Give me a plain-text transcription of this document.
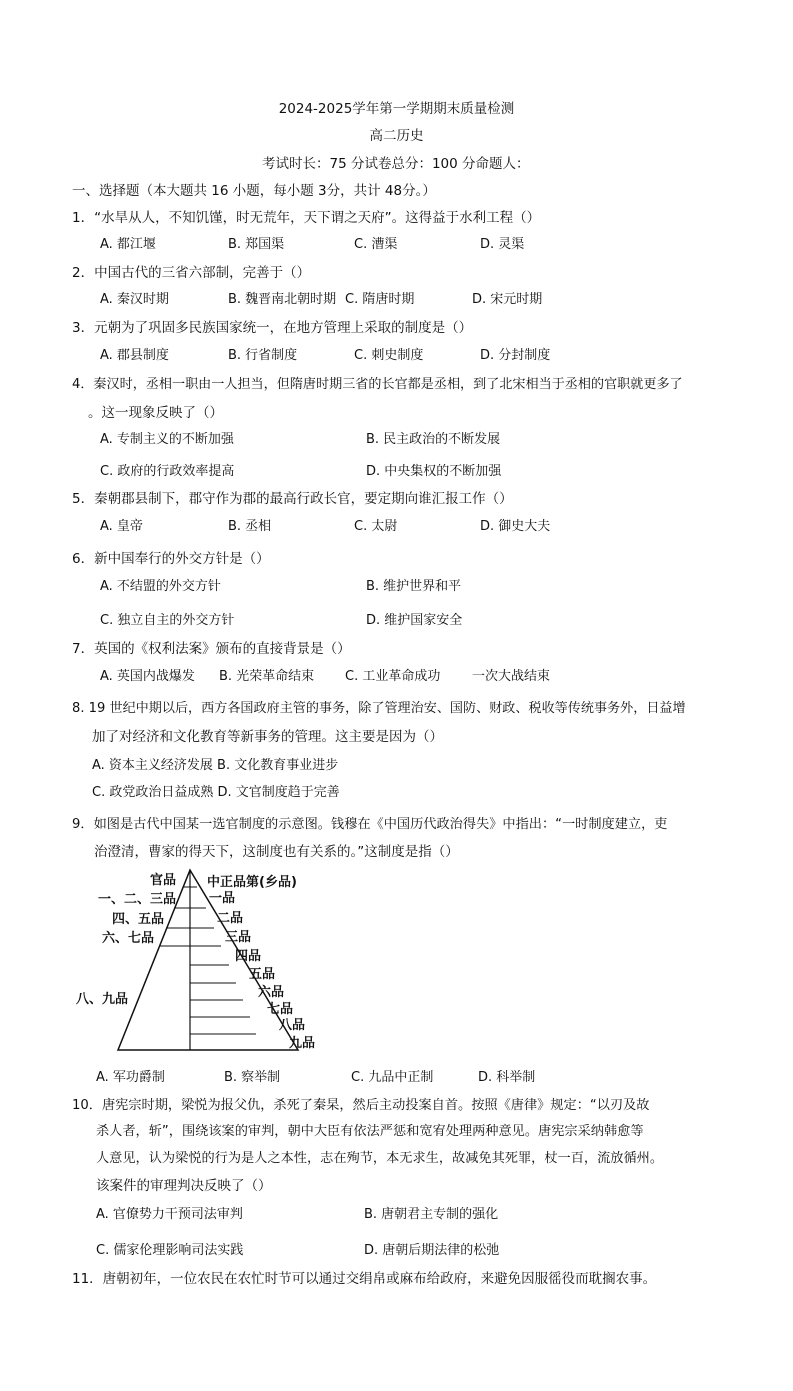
2024-2025学年第一学期期末质量检测
高二历史
考试时长：75 分试卷总分：100 分命题人：
一、选择题（本大题共 16 小题，每小题 3分，共计 48分。）
1．“水旱从人，不知饥馑，时无荒年，天下谓之天府”。这得益于水利工程（）
A. 都江堰	B. 郑国渠	C. 漕渠	D. 灵渠
2．中国古代的三省六部制，完善于（）
A. 秦汉时期	B. 魏晋南北朝时期 C. 隋唐时期	D. 宋元时期
3．元朝为了巩固多民族国家统一，在地方管理上采取的制度是（）
A. 郡县制度	B. 行省制度	C. 刺史制度	D. 分封制度
4．秦汉时，丞相一职由一人担当，但隋唐时期三省的长官都是丞相，到了北宋相当于丞相的官职就更多了
。这一现象反映了（）
A. 专制主义的不断加强	B. 民主政治的不断发展
C. 政府的行政效率提高	D. 中央集权的不断加强
5．秦朝郡县制下，郡守作为郡的最高行政长官，要定期向谁汇报工作（）
A. 皇帝	B. 丞相	C. 太尉	D. 御史大夫
6．新中国奉行的外交方针是（）
A. 不结盟的外交方针	B. 维护世界和平
C. 独立自主的外交方针	D. 维护国家安全
7．英国的《权利法案》颁布的直接背景是（）
A. 英国内战爆发 B. 光荣革命结束 C. 工业革命成功 一次大战结束
8. 19 世纪中期以后，西方各国政府主管的事务，除了管理治安、国防、财政、税收等传统事务外，日益增
加了对经济和文化教育等新事务的管理。这主要是因为（）
A. 资本主义经济发展 B. 文化教育事业进步
C. 政党政治日益成熟 D. 文官制度趋于完善
9．如图是古代中国某一选官制度的示意图。钱穆在《中国历代政治得失》中指出：“一时制度建立，吏
治澄清，曹家的得天下，这制度也有关系的。”这制度是指（）
官品 中正品第(乡品)
一、二、三品
四、五品
六、七品
八、九品
一品
二品
三品
四品
五品
六品
七品
八品
九品
A. 军功爵制	B. 察举制	C. 九品中正制	D. 科举制
10．唐宪宗时期，梁悦为报父仇，杀死了秦杲，然后主动投案自首。按照《唐律》规定：“以刃及故
杀人者，斩”，围绕该案的审判，朝中大臣有依法严惩和宽宥处理两种意见。唐宪宗采纳韩愈等
人意见，认为梁悦的行为是人之本性，志在殉节，本无求生，故减免其死罪，杖一百，流放循州。
该案件的审理判决反映了（）
A. 官僚势力干预司法审判	B. 唐朝君主专制的强化
C. 儒家伦理影响司法实践	D. 唐朝后期法律的松弛
11．唐朝初年，一位农民在农忙时节可以通过交绢帛或麻布给政府，来避免因服徭役而耽搁农事。
